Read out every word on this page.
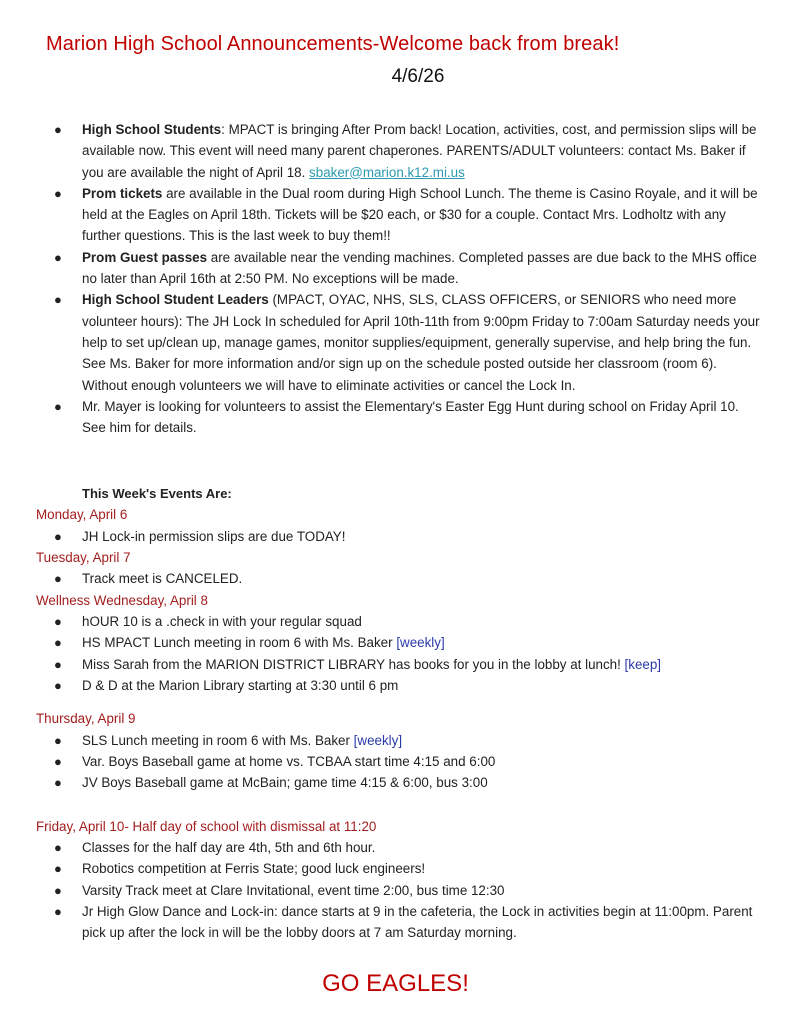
Marion High School Announcements-Welcome back from break!
4/6/26
● High School Students: MPACT is bringing After Prom back! Location, activities, cost, and permission slips will be available now. This event will need many parent chaperones. PARENTS/ADULT volunteers: contact Ms. Baker if you are available the night of April 18. sbaker@marion.k12.mi.us
● Prom tickets are available in the Dual room during High School Lunch. The theme is Casino Royale, and it will be held at the Eagles on April 18th. Tickets will be $20 each, or $30 for a couple. Contact Mrs. Lodholtz with any further questions. This is the last week to buy them!!
● Prom Guest passes are available near the vending machines. Completed passes are due back to the MHS office no later than April 16th at 2:50 PM. No exceptions will be made.
● High School Student Leaders (MPACT, OYAC, NHS, SLS, CLASS OFFICERS, or SENIORS who need more volunteer hours): The JH Lock In scheduled for April 10th-11th from 9:00pm Friday to 7:00am Saturday needs your help to set up/clean up, manage games, monitor supplies/equipment, generally supervise, and help bring the fun. See Ms. Baker for more information and/or sign up on the schedule posted outside her classroom (room 6). Without enough volunteers we will have to eliminate activities or cancel the Lock In.
● Mr. Mayer is looking for volunteers to assist the Elementary's Easter Egg Hunt during school on Friday April 10. See him for details.
This Week's Events Are:
Monday, April 6
● JH Lock-in permission slips are due TODAY!
Tuesday, April 7
● Track meet is CANCELED.
Wellness Wednesday, April 8
● hOUR 10 is a .check in with your regular squad
● HS MPACT Lunch meeting in room 6 with Ms. Baker [weekly]
● Miss Sarah from the MARION DISTRICT LIBRARY has books for you in the lobby at lunch! [keep]
● D & D at the Marion Library starting at 3:30 until 6 pm
Thursday, April 9
● SLS Lunch meeting in room 6 with Ms. Baker [weekly]
● Var. Boys Baseball game at home vs. TCBAA start time 4:15 and 6:00
● JV Boys Baseball game at McBain; game time 4:15 & 6:00, bus 3:00
Friday, April 10- Half day of school with dismissal at 11:20
● Classes for the half day are 4th, 5th and 6th hour.
● Robotics competition at Ferris State; good luck engineers!
● Varsity Track meet at Clare Invitational, event time 2:00, bus time 12:30
● Jr High Glow Dance and Lock-in: dance starts at 9 in the cafeteria, the Lock in activities begin at 11:00pm. Parent pick up after the lock in will be the lobby doors at 7 am Saturday morning.
GO EAGLES!
